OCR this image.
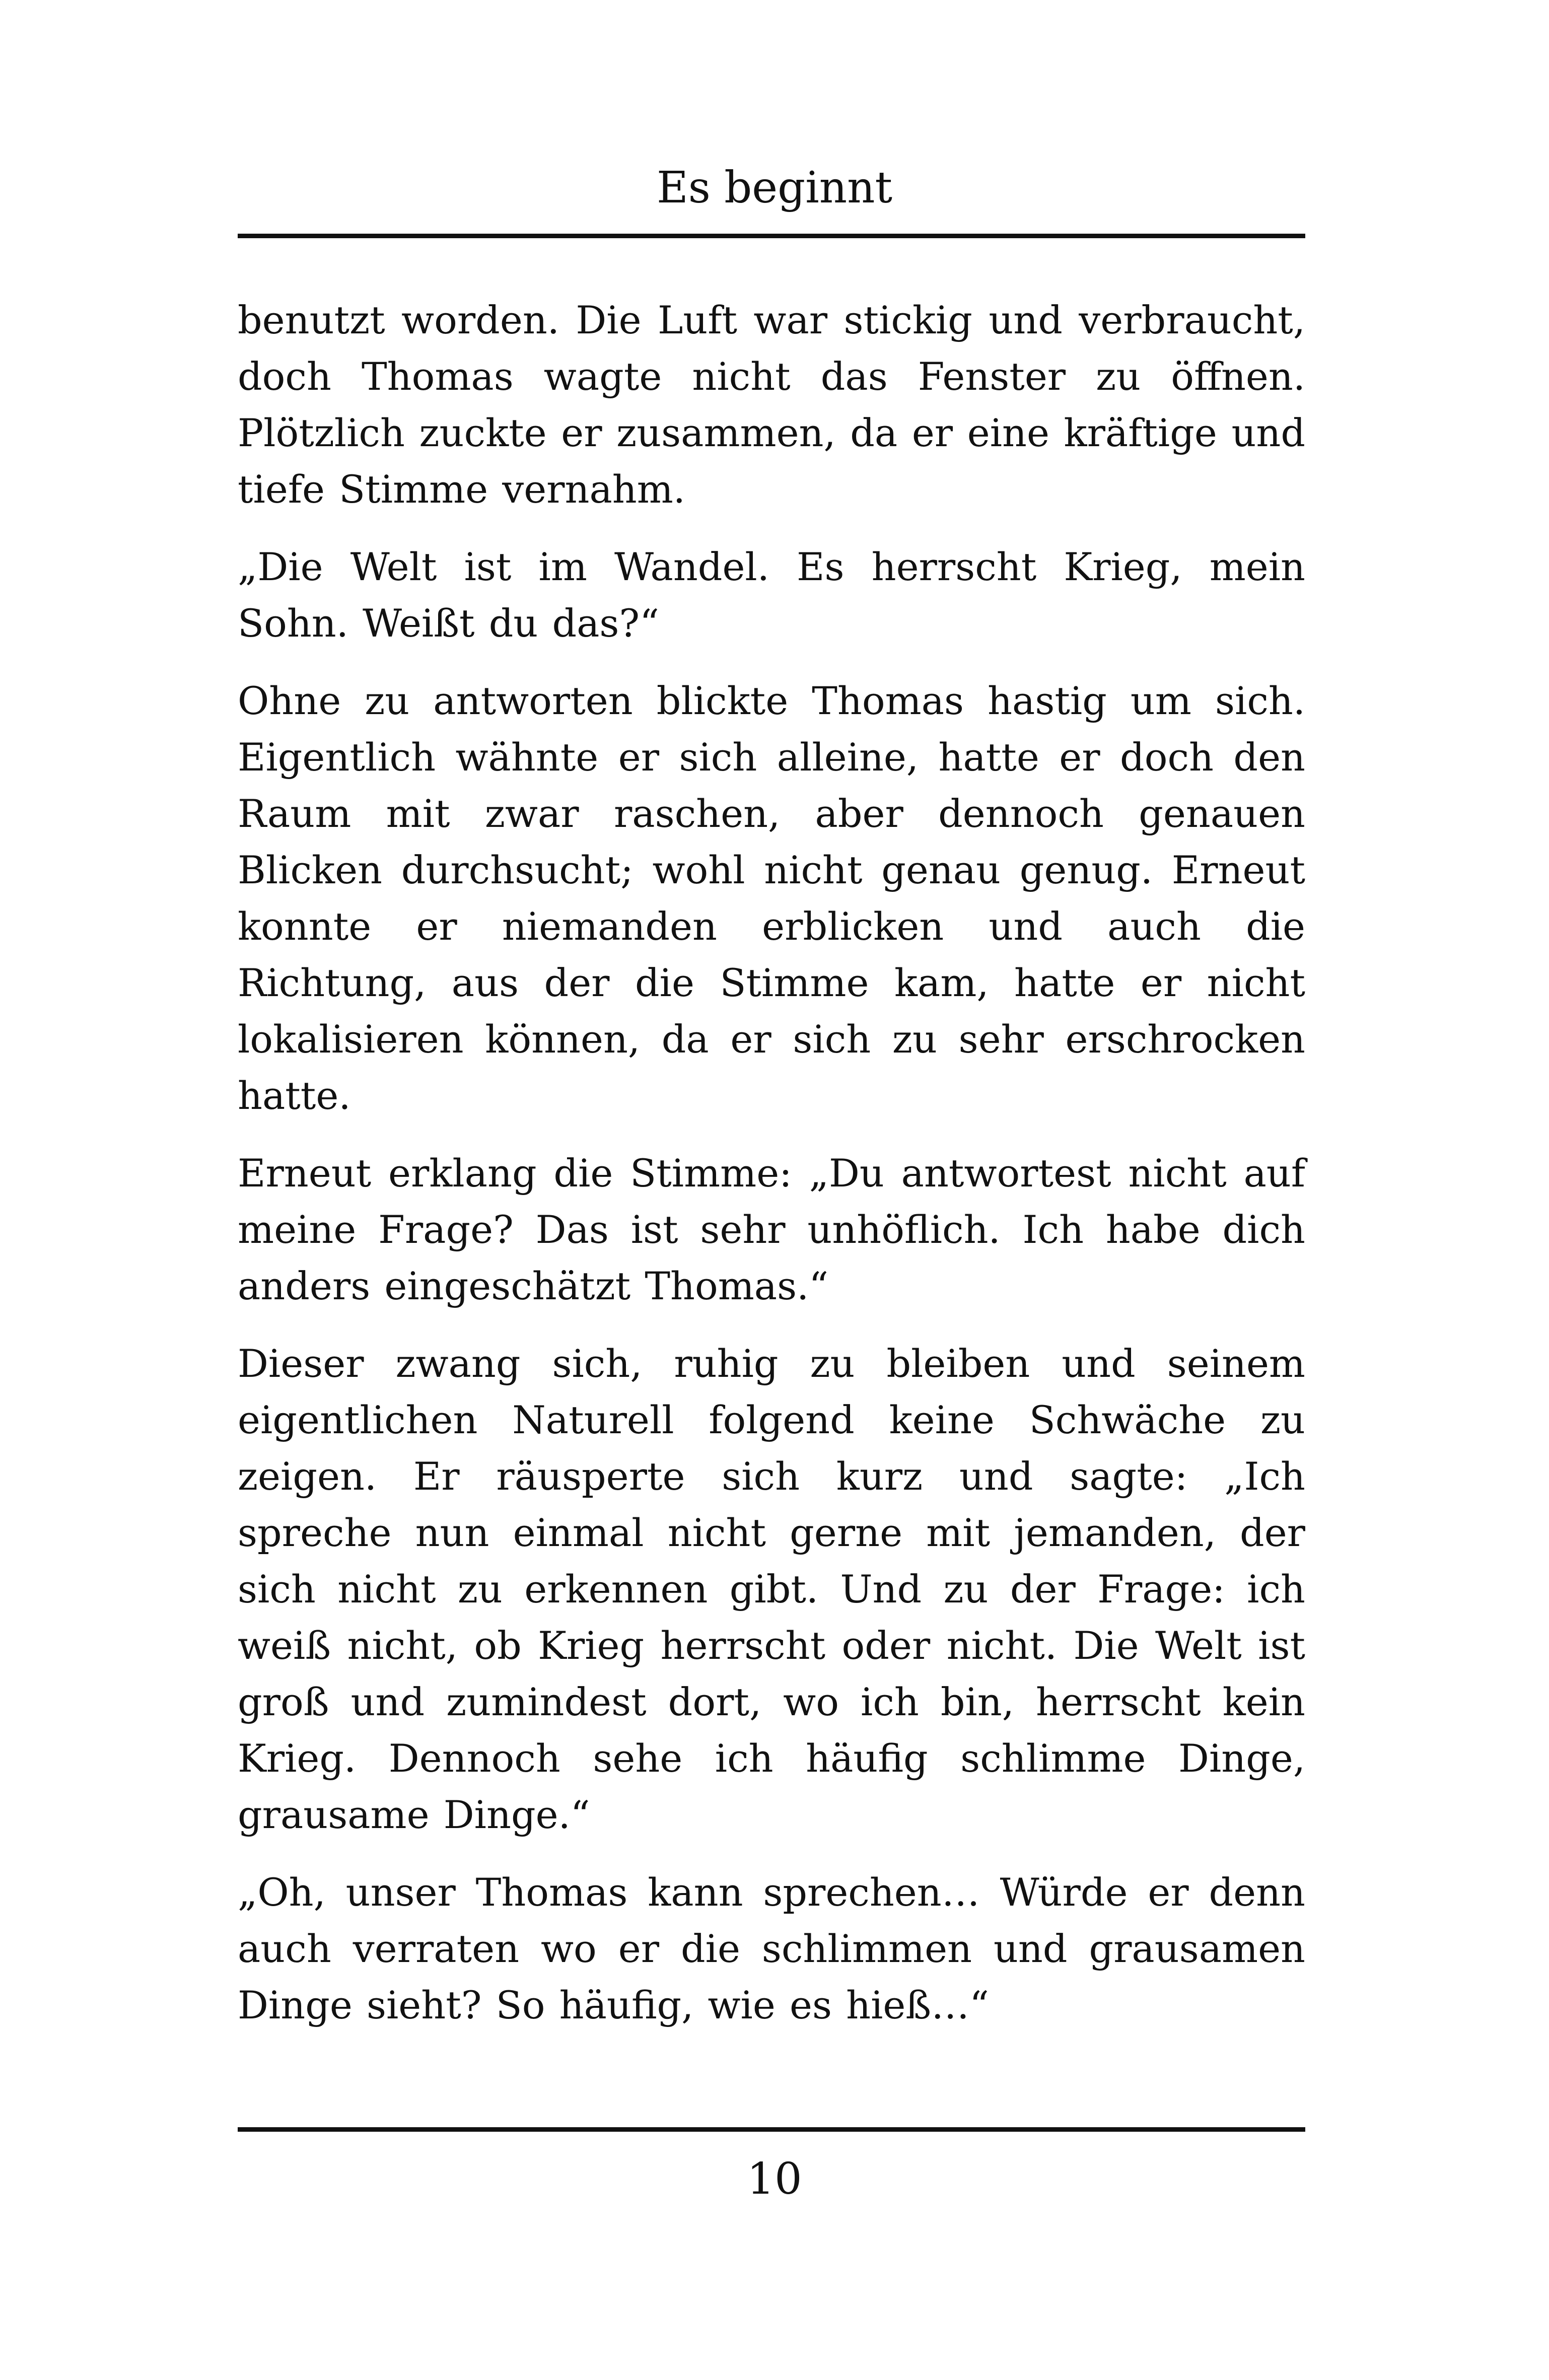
Es beginnt

benutzt worden. Die Luft war stickig und verbraucht, doch Thomas wagte nicht das Fenster zu öffnen. Plötzlich zuckte er zusammen, da er eine kräftige und tiefe Stimme vernahm.

„Die Welt ist im Wandel. Es herrscht Krieg, mein Sohn. Weißt du das?“

Ohne zu antworten blickte Thomas hastig um sich. Eigentlich wähnte er sich alleine, hatte er doch den Raum mit zwar raschen, aber dennoch genauen Blicken durchsucht; wohl nicht genau genug. Erneut konnte er niemanden erblicken und auch die Richtung, aus der die Stimme kam, hatte er nicht lokalisieren können, da er sich zu sehr erschrocken hatte.

Erneut erklang die Stimme: „Du antwortest nicht auf meine Frage? Das ist sehr unhöflich. Ich habe dich anders eingeschätzt Thomas.“

Dieser zwang sich, ruhig zu bleiben und seinem eigentlichen Naturell folgend keine Schwäche zu zeigen. Er räusperte sich kurz und sagte: „Ich spreche nun einmal nicht gerne mit jemanden, der sich nicht zu erkennen gibt. Und zu der Frage: ich weiß nicht, ob Krieg herrscht oder nicht. Die Welt ist groß und zumindest dort, wo ich bin, herrscht kein Krieg. Dennoch sehe ich häufig schlimme Dinge, grausame Dinge.“

„Oh, unser Thomas kann sprechen… Würde er denn auch verraten wo er die schlimmen und grausamen Dinge sieht? So häufig, wie es hieß…“

10
